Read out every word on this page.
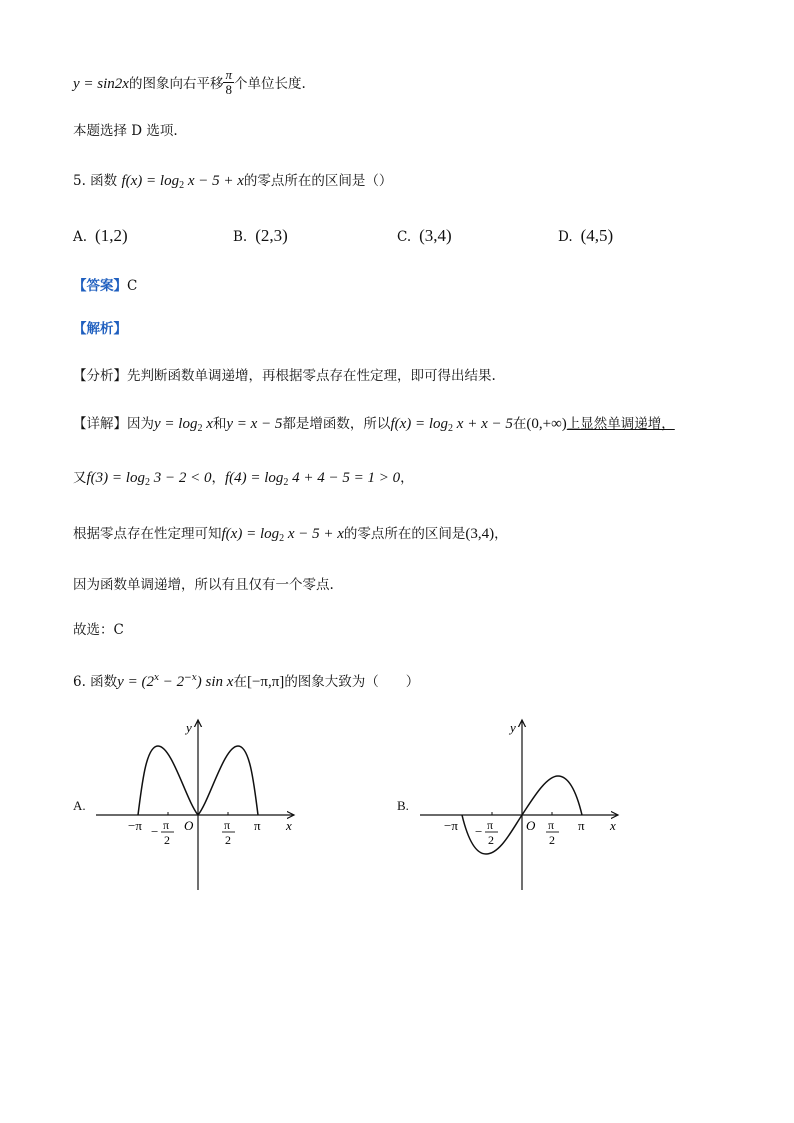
y = sin2x的图象向右平移 $\frac{\pi}{8}$ 个单位长度.
本题选择 D 选项.
5. 函数 $f(x) = \log_2 x - 5 + x$的零点所在的区间是（）
A. (1,2)	B. (2,3)	C. (3,4)	D. (4,5)
【答案】C
【解析】
【分析】先判断函数单调递增，再根据零点存在性定理，即可得出结果.
【详解】因为$y = \log_2 x$和y = x − 5都是增函数，所以$f(x) = \log_2 x + x - 5$在(0,+∞)上显然单调递增，
又$f(3) = \log_2 3 - 2 < 0$，$f(4) = \log_2 4 + 4 - 5 = 1 > 0$，
根据零点存在性定理可知$f(x) = \log_2 x - 5 + x$的零点所在的区间是(3,4)，
因为函数单调递增，所以有且仅有一个零点.
故选：C
6. 函数$y = (2^x - 2^{-x})$ sin x在[−π,π]的图象大致为（　　）
A.
y
x
O
−π	π
− π
2
π
2
B.
y
x
O
−π	π
− π
2
π
2
